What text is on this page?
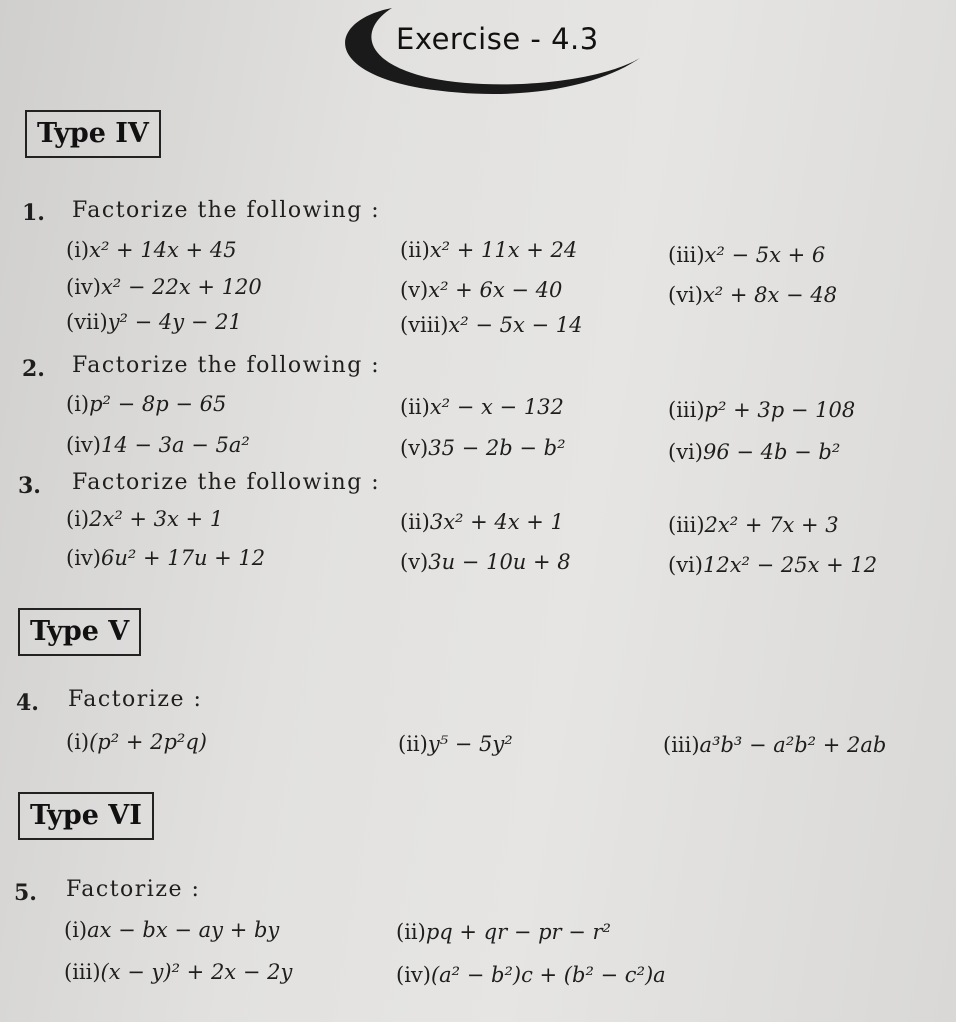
Exercise - 4.3
Type IV
1. Factorize the following :
(i)x² + 14x + 45	(ii)x² + 11x + 24	(iii)x² − 5x + 6
(iv)x² − 22x + 120	(v)x² + 6x − 40	(vi)x² + 8x − 48
(vii)y² − 4y − 21	(viii)x² − 5x − 14
2. Factorize the following :
(i)p² − 8p − 65	(ii)x² − x − 132	(iii)p² + 3p − 108
(iv)14 − 3a − 5a²	(v)35 − 2b − b²	(vi)96 − 4b − b²
3. Factorize the following :
(i)2x² + 3x + 1	(ii)3x² + 4x + 1	(iii)2x² + 7x + 3
(iv)6u² + 17u + 12	(v)3u − 10u + 8	(vi)12x² − 25x + 12
Type V
4. Factorize :
(i)(p² + 2p²q)	(ii)y⁵ − 5y²	(iii)a³b³ − a²b² + 2ab
Type VI
5. Factorize :
(i)ax − bx − ay + by	(ii)pq + qr − pr − r²
(iii)(x − y)² + 2x − 2y	(iv)(a² − b²)c + (b² − c²)a
